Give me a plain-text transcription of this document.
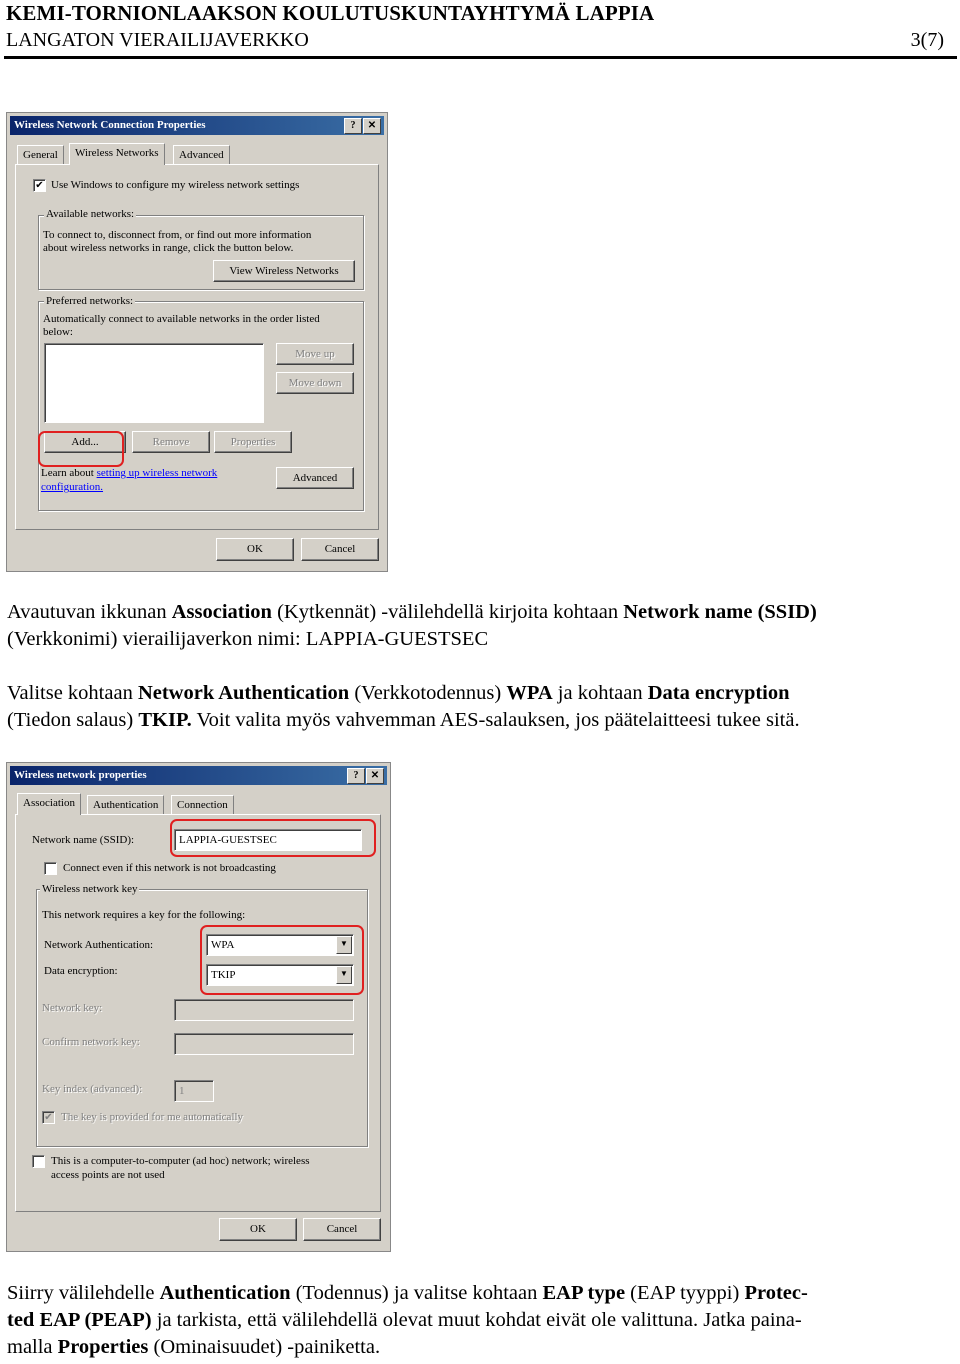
KEMI-TORNIONLAAKSON KOULUTUSKUNTAYHTYMÄ LAPPIA
LANGATON VIERAILIJAVERKKO	3(7)
Wireless Network Connection Properties	?	✕
General	Wireless Networks	Advanced
✔ Use Windows to configure my wireless network settings
Available networks:
To connect to, disconnect from, or find out more information
about wireless networks in range, click the button below.
View Wireless Networks
Preferred networks:
Automatically connect to available networks in the order listed
below:
Move up
Move down
Add...	Remove	Properties
Learn about setting up wireless network
configuration.
Advanced
OK	Cancel
Avautuvan ikkunan Association (Kytkennät) -välilehdellä kirjoita kohtaan Network name (SSID)
(Verkkonimi) vierailijaverkon nimi: LAPPIA-GUESTSEC
Valitse kohtaan Network Authentication (Verkkotodennus) WPA ja kohtaan Data encryption
(Tiedon salaus) TKIP. Voit valita myös vahvemman AES-salauksen, jos päätelaitteesi tukee sitä.
Wireless network properties	?	✕
Association	Authentication	Connection
Network name (SSID):	LAPPIA-GUESTSEC
Connect even if this network is not broadcasting
Wireless network key
This network requires a key for the following:
Network Authentication:	WPA	▼
Data encryption:	TKIP	▼
Network key:
Confirm network key:
Key index (advanced):	1
✔ The key is provided for me automatically
This is a computer-to-computer (ad hoc) network; wireless
access points are not used
OK	Cancel
Siirry välilehdelle Authentication (Todennus) ja valitse kohtaan EAP type (EAP tyyppi) Protec-
ted EAP (PEAP) ja tarkista, että välilehdellä olevat muut kohdat eivät ole valittuna. Jatka paina-
malla Properties (Ominaisuudet) -painiketta.
